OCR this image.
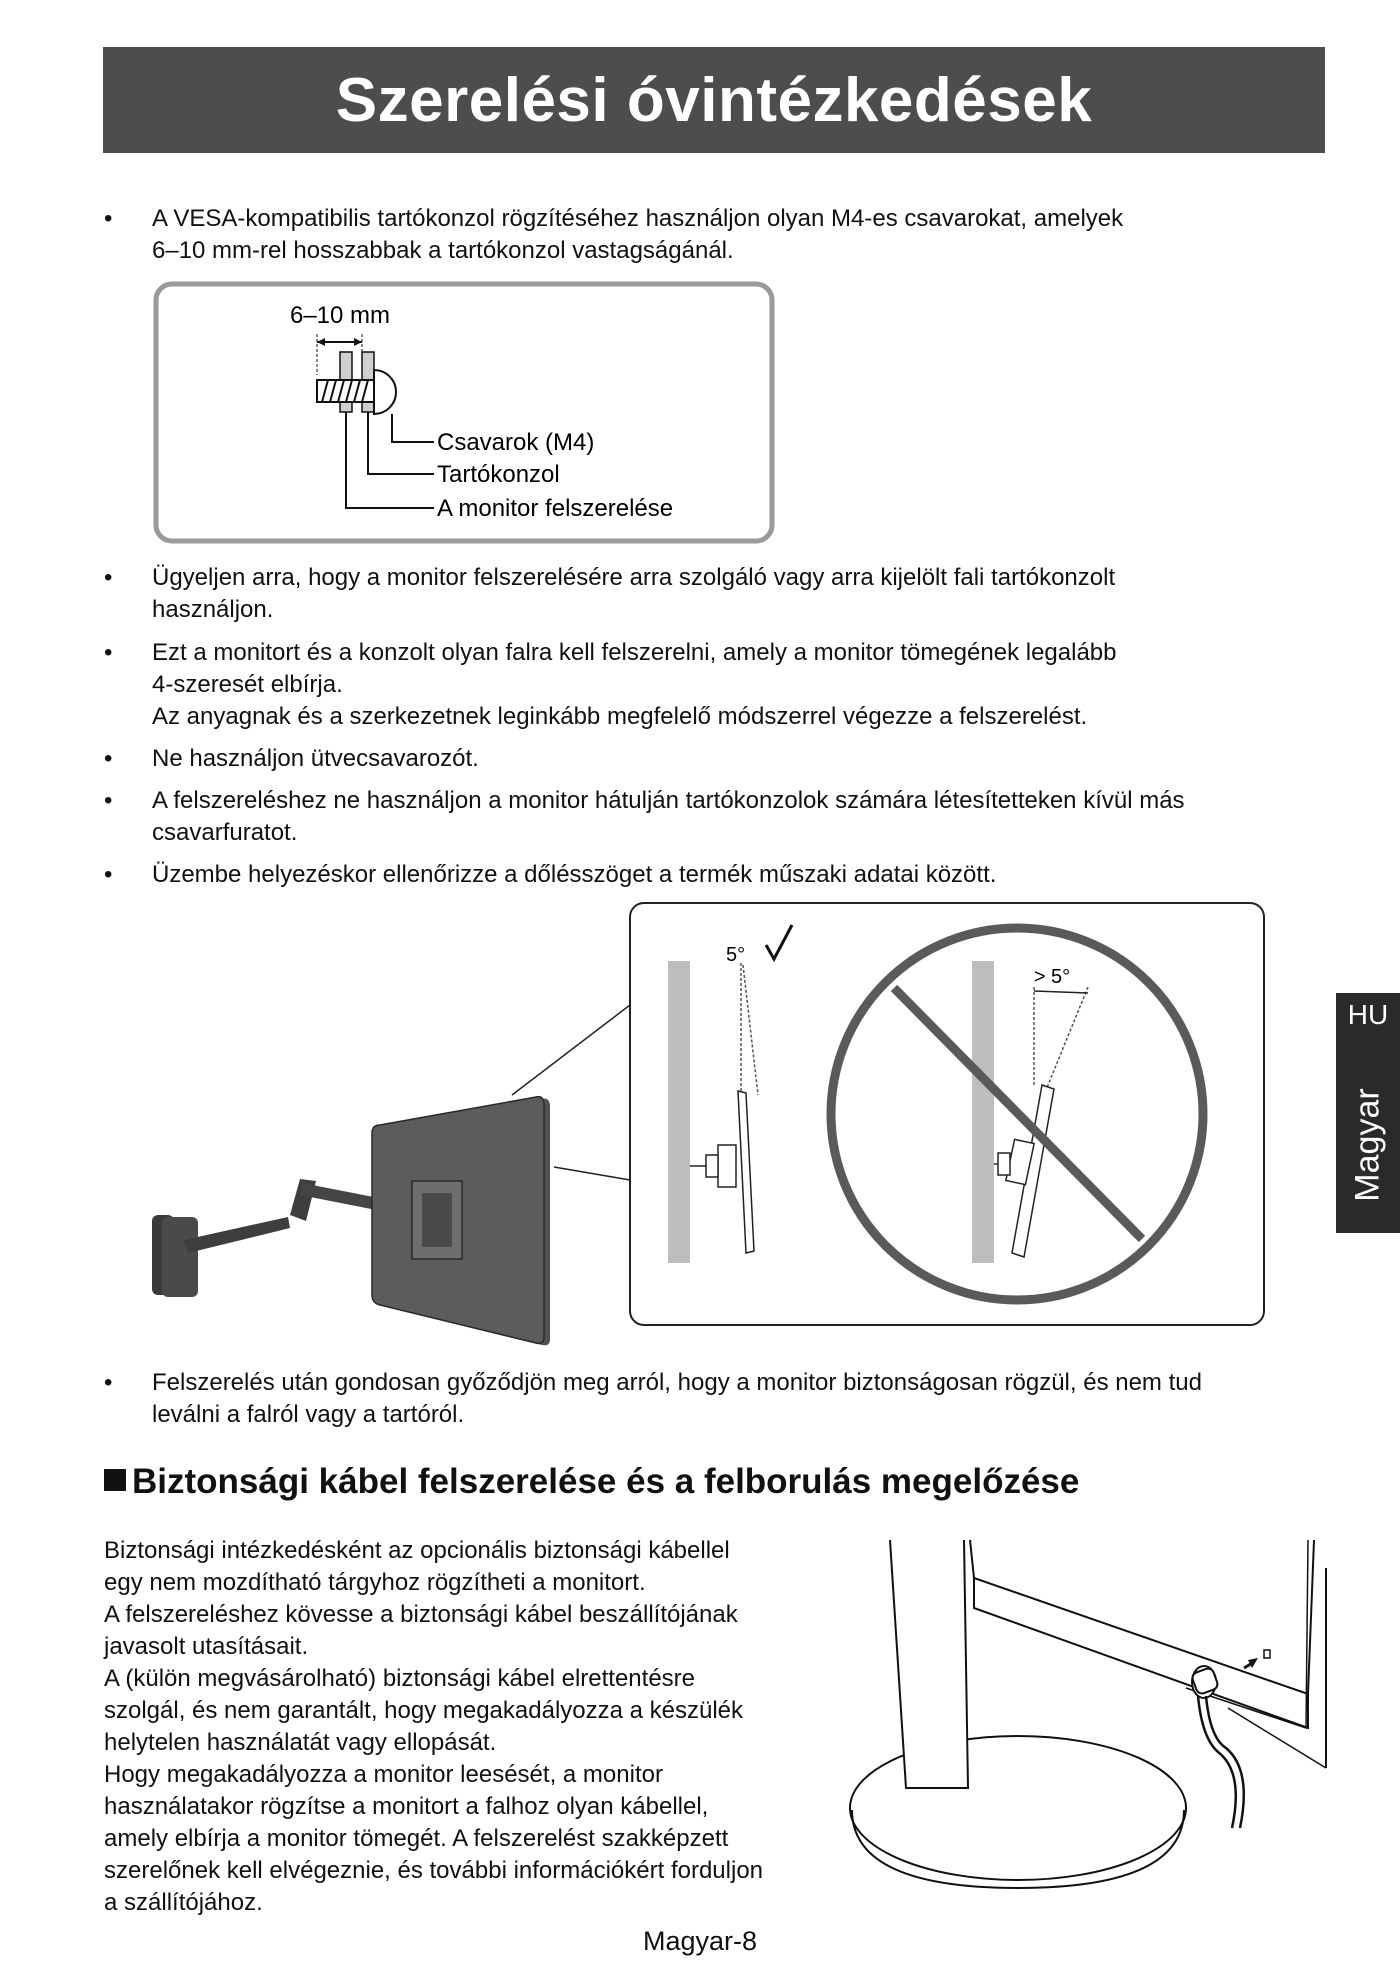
Szerelési óvintézkedések
• A VESA-kompatibilis tartókonzol rögzítéséhez használjon olyan M4-es csavarokat, amelyek
6–10 mm-rel hosszabbak a tartókonzol vastagságánál.
6–10 mm
Csavarok (M4)
Tartókonzol
A monitor felszerelése
• Ügyeljen arra, hogy a monitor felszerelésére arra szolgáló vagy arra kijelölt fali tartókonzolt
használjon.
• Ezt a monitort és a konzolt olyan falra kell felszerelni, amely a monitor tömegének legalább
4-szeresét elbírja.
Az anyagnak és a szerkezetnek leginkább megfelelő módszerrel végezze a felszerelést.
• Ne használjon ütvecsavarozót.
• A felszereléshez ne használjon a monitor hátulján tartókonzolok számára létesítetteken kívül más
csavarfuratot.
• Üzembe helyezéskor ellenőrizze a dőlésszöget a termék műszaki adatai között.
5°
> 5°
• Felszerelés után gondosan győződjön meg arról, hogy a monitor biztonságosan rögzül, és nem tud
leválni a falról vagy a tartóról.
Biztonsági kábel felszerelése és a felborulás megelőzése
Biztonsági intézkedésként az opcionális biztonsági kábellel
egy nem mozdítható tárgyhoz rögzítheti a monitort.
A felszereléshez kövesse a biztonsági kábel beszállítójának
javasolt utasításait.
A (külön megvásárolható) biztonsági kábel elrettentésre
szolgál, és nem garantált, hogy megakadályozza a készülék
helytelen használatát vagy ellopását.
Hogy megakadályozza a monitor leesését, a monitor
használatakor rögzítse a monitort a falhoz olyan kábellel,
amely elbírja a monitor tömegét. A felszerelést szakképzett
szerelőnek kell elvégeznie, és további információkért forduljon
a szállítójához.
HU
Magyar
Magyar-8
